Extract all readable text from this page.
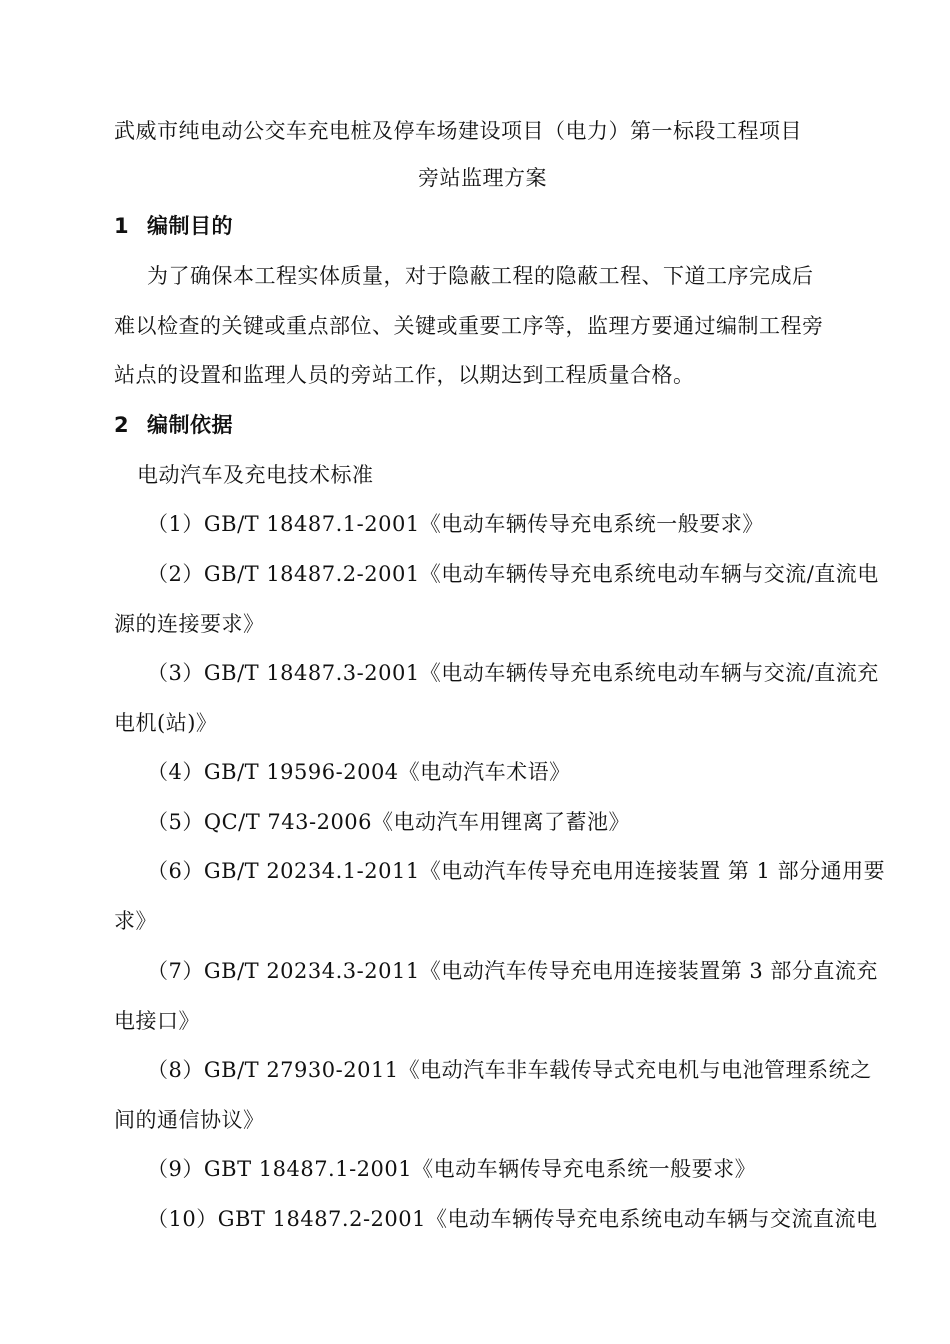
武威市纯电动公交车充电桩及停车场建设项目（电力）第一标段工程项目
旁站监理方案
1 编制目的
为了确保本工程实体质量，对于隐蔽工程的隐蔽工程、下道工序完成后
难以检查的关键或重点部位、关键或重要工序等，监理方要通过编制工程旁
站点的设置和监理人员的旁站工作，以期达到工程质量合格。
2 编制依据
电动汽车及充电技术标准
（1）GB/T 18487.1-2001《电动车辆传导充电系统一般要求》
（2）GB/T 18487.2-2001《电动车辆传导充电系统电动车辆与交流/直流电
源的连接要求》
（3）GB/T 18487.3-2001《电动车辆传导充电系统电动车辆与交流/直流充
电机(站)》
（4）GB/T 19596-2004《电动汽车术语》
（5）QC/T 743-2006《电动汽车用锂离了蓄池》
（6）GB/T 20234.1-2011《电动汽车传导充电用连接装置 第 1 部分通用要
求》
（7）GB/T 20234.3-2011《电动汽车传导充电用连接装置第 3 部分直流充
电接口》
（8）GB/T 27930-2011《电动汽车非车载传导式充电机与电池管理系统之
间的通信协议》
（9）GBT 18487.1-2001《电动车辆传导充电系统一般要求》
（10）GBT 18487.2-2001《电动车辆传导充电系统电动车辆与交流直流电
